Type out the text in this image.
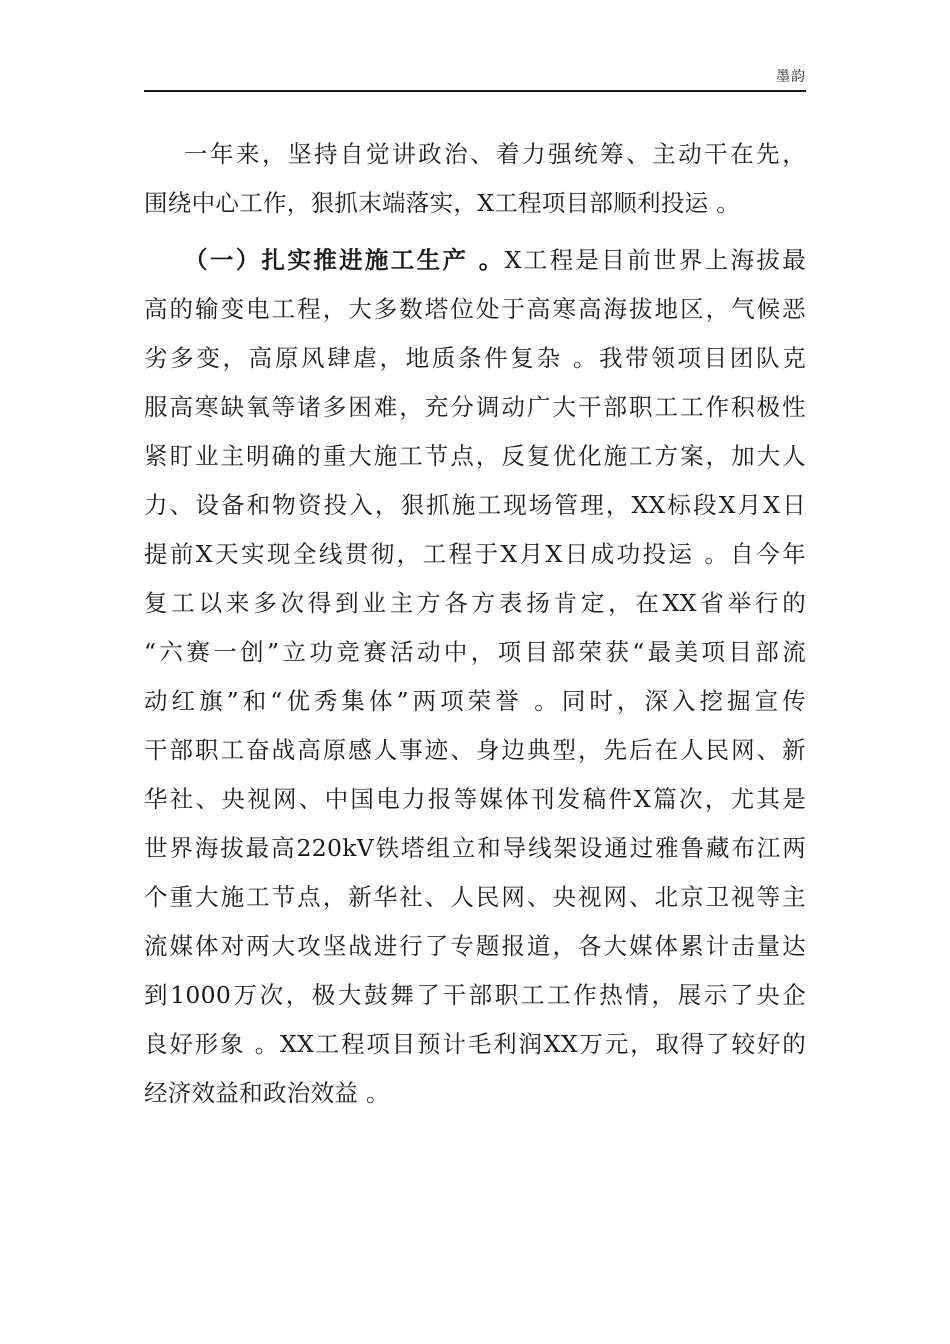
墨韵
一年来，坚持自觉讲政治、着力强统筹、主动干在先，
围绕中心工作，狠抓末端落实，X工程项目部顺利投运 。
（一）扎实推进施工生产 。X工程是目前世界上海拔最
高的输变电工程，大多数塔位处于高寒高海拔地区，气候恶
劣多变，高原风肆虐，地质条件复杂 。我带领项目团队克
服高寒缺氧等诸多困难，充分调动广大干部职工工作积极性
紧盯业主明确的重大施工节点，反复优化施工方案，加大人
力、设备和物资投入，狠抓施工现场管理，XX标段X月X日
提前X天实现全线贯彻，工程于X月X日成功投运 。自今年
复工以来多次得到业主方各方表扬肯定，在XX省举行的
“六赛一创”立功竞赛活动中，项目部荣获“最美项目部流
动红旗”和“优秀集体”两项荣誉 。同时，深入挖掘宣传
干部职工奋战高原感人事迹、身边典型，先后在人民网、新
华社、央视网、中国电力报等媒体刊发稿件X篇次，尤其是
世界海拔最高220kV铁塔组立和导线架设通过雅鲁藏布江两
个重大施工节点，新华社、人民网、央视网、北京卫视等主
流媒体对两大攻坚战进行了专题报道，各大媒体累计击量达
到1000万次，极大鼓舞了干部职工工作热情，展示了央企
良好形象 。XX工程项目预计毛利润XX万元，取得了较好的
经济效益和政治效益 。
